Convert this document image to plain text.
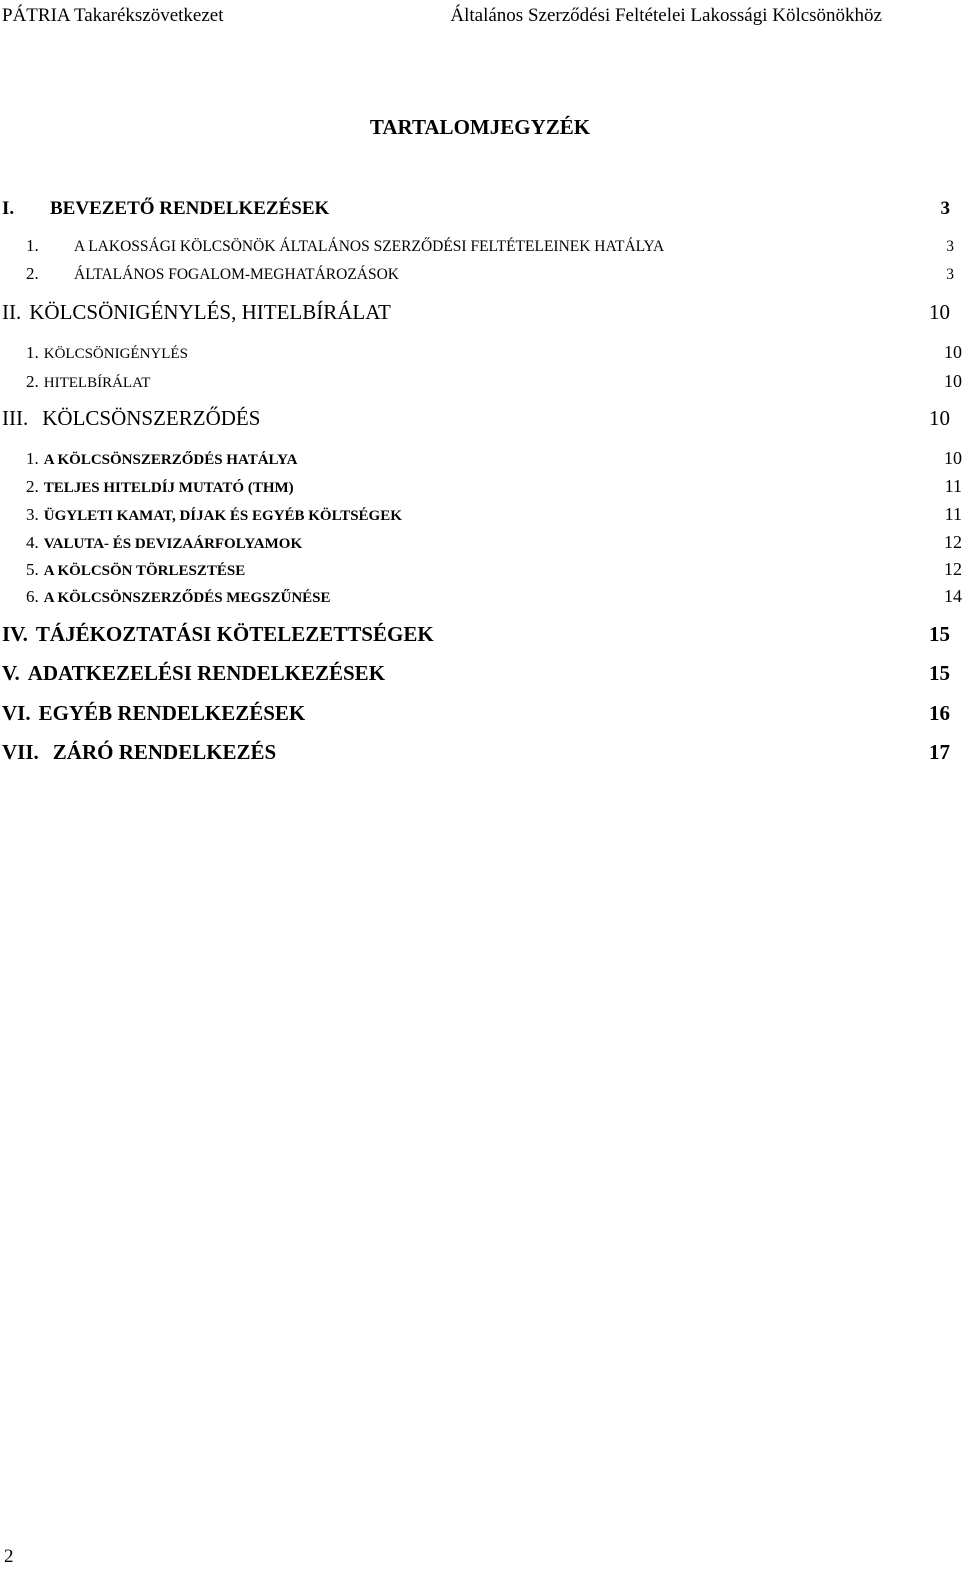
PÁTRIA Takarékszövetkezet	Általános Szerződési Feltételei Lakossági Kölcsönökhöz
TARTALOMJEGYZÉK
I.	BEVEZETŐ RENDELKEZÉSEK	3
1.	A LAKOSSÁGI KÖLCSÖNÖK ÁLTALÁNOS SZERZŐDÉSI FELTÉTELEINEK HATÁLYA	3
2.	ÁLTALÁNOS FOGALOM-MEGHATÁROZÁSOK	3
II. KÖLCSÖNIGÉNYLÉS, HITELBÍRÁLAT	10
1. KÖLCSÖNIGÉNYLÉS	10
2. HITELBÍRÁLAT	10
III. KÖLCSÖNSZERZŐDÉS	10
1. A KÖLCSÖNSZERZŐDÉS HATÁLYA	10
2. TELJES HITELDÍJ MUTATÓ (THM)	11
3. ÜGYLETI KAMAT, DÍJAK ÉS EGYÉB KÖLTSÉGEK	11
4. VALUTA- ÉS DEVIZAÁRFOLYAMOK	12
5. A KÖLCSÖN TÖRLESZTÉSE	12
6. A KÖLCSÖNSZERZŐDÉS MEGSZŰNÉSE	14
IV. TÁJÉKOZTATÁSI KÖTELEZETTSÉGEK	15
V. ADATKEZELÉSI RENDELKEZÉSEK	15
VI. EGYÉB RENDELKEZÉSEK	16
VII. ZÁRÓ RENDELKEZÉS	17
2
